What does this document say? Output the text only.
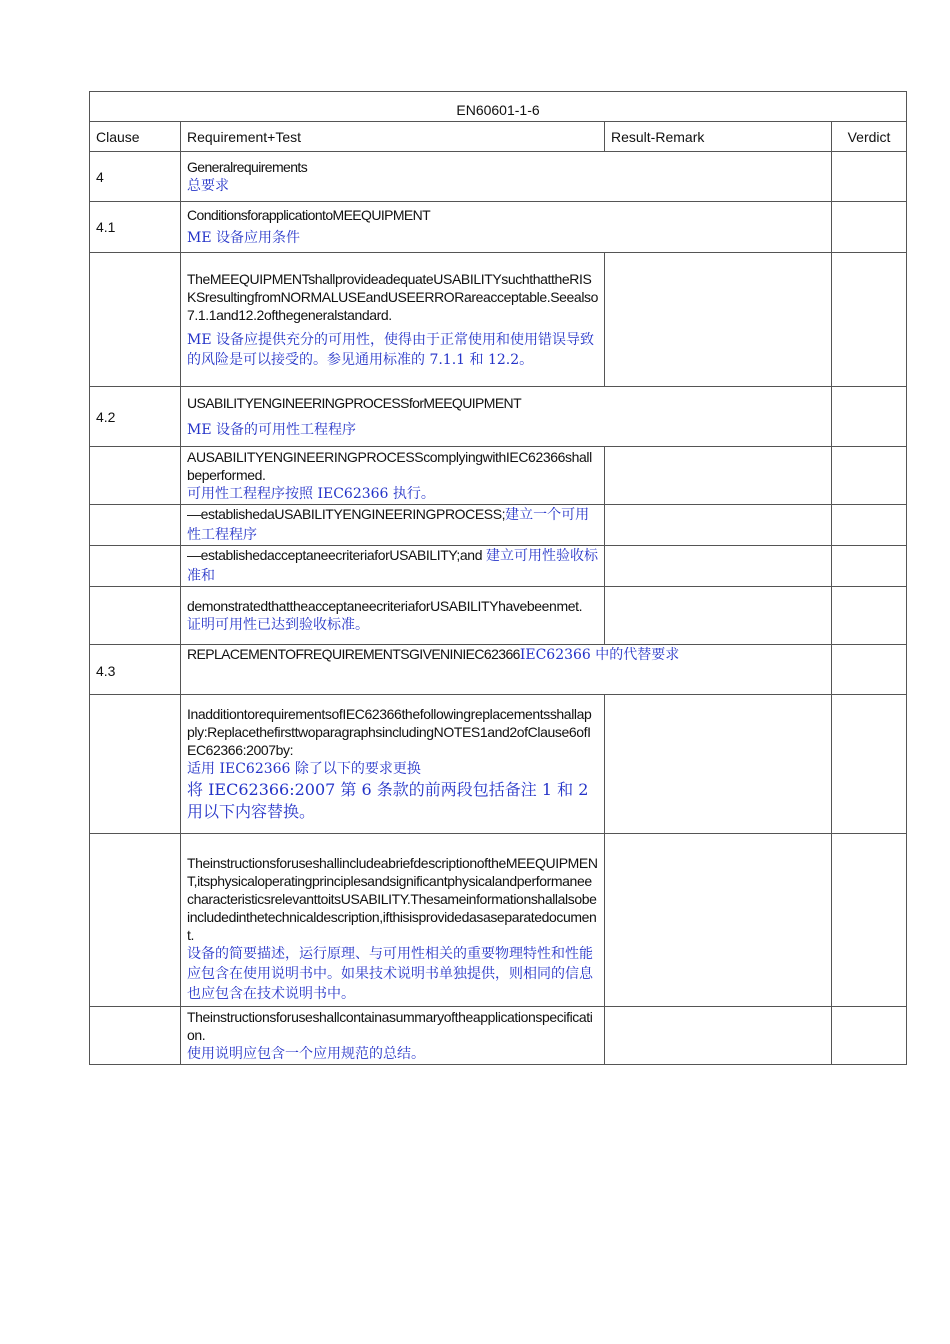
EN60601-1-6			
Clause	Requirement+Test	Result-Remark	Verdict
4	Generalrequirements
总要求		

4.1	ConditionsforapplicationtoMEEQUIPMENT
ME 设备应用条件		

	TheMEEQUIPMENTshallprovideadequateUSABILITYsuchthattheRISKSresultingfromNORMALUSEandUSEERRORareacceptable.Seealso7.1.1and12.2ofthegeneralstandard.
ME 设备应提供充分的可用性，使得由于正常使用和使用错误导致的风险是可以接受的。参见通用标准的 7.1.1 和 12.2。		

4.2	USABILITYENGINEERINGPROCESSforMEEQUIPMENT
ME 设备的可用性工程程序		

	AUSABILITYENGINEERINGPROCESScomplyingwithIEC62366shallbeperformed.
可用性工程程序按照 IEC62366 执行。		

	—establishedaUSABILITYENGINEERINGPROCESS;建立一个可用性工程程序		
	—establishedacceptaneecriteriaforUSABILITY;and 建立可用性验收标准和		

	demonstratedthattheacceptaneecriteriaforUSABILITYhavebeenmet.
证明可用性已达到验收标准。		

4.3	REPLACEMENTOFREQUIREMENTSGIVENINIEC62366IEC62366 中的代替要求		

	InadditiontorequirementsofIEC62366thefollowingreplacementsshallapply:ReplacethefirsttwoparagraphsincludingNOTES1and2ofClause6ofIEC62366:2007by:
适用 IEC62366 除了以下的要求更换
将 IEC62366:2007 第 6 条款的前两段包括备注 1 和 2 用以下内容替换。		

	TheinstructionsforuseshallincludeabriefdescriptionoftheMEEQUIPMENT,itsphysicaloperatingprinciplesandsignificantphysicalandperformaneecharacteristicsrelevanttoitsUSABILITY.Thesameinformationshallalsobeincludedinthetechnicaldescription,ifthisisprovidedasaseparatedocument.
设备的简要描述，运行原理、与可用性相关的重要物理特性和性能应包含在使用说明书中。如果技术说明书单独提供，则相同的信息也应包含在技术说明书中。		

	Theinstructionsforuseshallcontainasummaryoftheapplicationspecification.
使用说明应包含一个应用规范的总结。		
